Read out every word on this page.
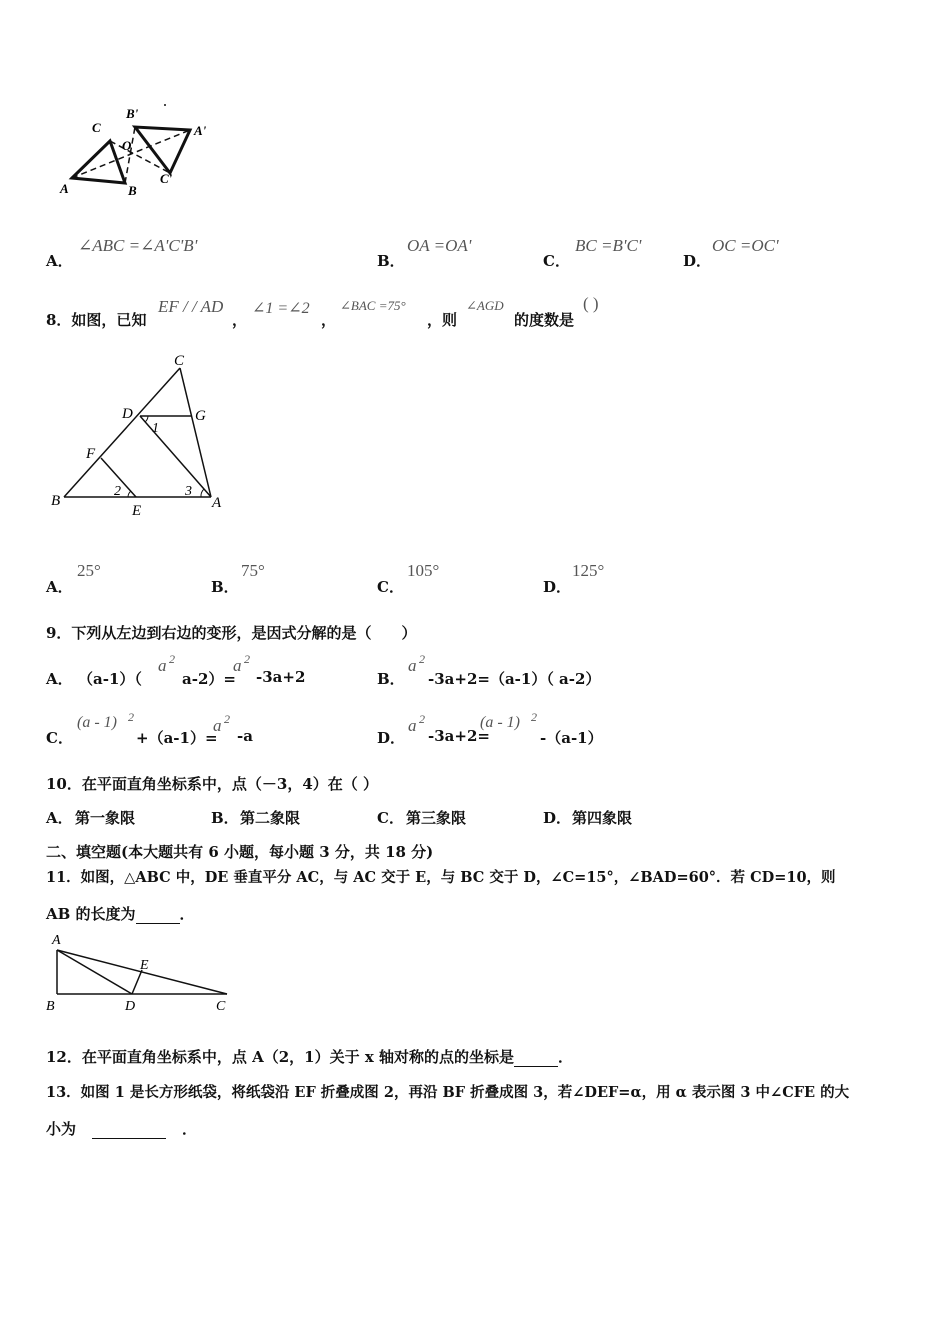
A	B
C
O
B'
A'
C'
A．
∠ABC =∠A'C'B'
B．
OA =OA'
C．
BC =B'C'
D．
OC =OC'
8．如图，已知
EF / / AD
，
∠1 =∠2
，
∠BAC =75°
，则
∠AGD
的度数是
( )
C
D	G
1
F
B
2
E
3
A
A．
25°
B．
75°
C．
105°
D．
125°
9．下列从左边到右边的变形，是因式分解的是（　　）
A． （a-1）（
a 2
a-2）=
a 2
-3a+2	B．
a 2
-3a+2=（a-1）（ a-2）
C．
(a - 1) 2
+（a-1）=
a 2
-a	D．
a 2
-3a+2=
(a - 1) 2
-（a-1）
10．在平面直角坐标系中，点（－3，4）在（ ）
A． 第一象限	B． 第二象限	C． 第三象限	D． 第四象限
二、填空题(本大题共有 6 小题，每小题 3 分，共 18 分)
11．如图，△ABC 中，DE 垂直平分 AC，与 AC 交于 E，与 BC 交于 D，∠C=15°，∠BAD=60°．若 CD=10，则
AB 的长度为	．
A
E
B	D	C
12．在平面直角坐标系中，点 A（2，1）关于 x 轴对称的点的坐标是	．
13．如图 1 是长方形纸袋，将纸袋沿 EF 折叠成图 2，再沿 BF 折叠成图 3，若∠DEF=α，用 α 表示图 3 中∠CFE 的大
小为	．
